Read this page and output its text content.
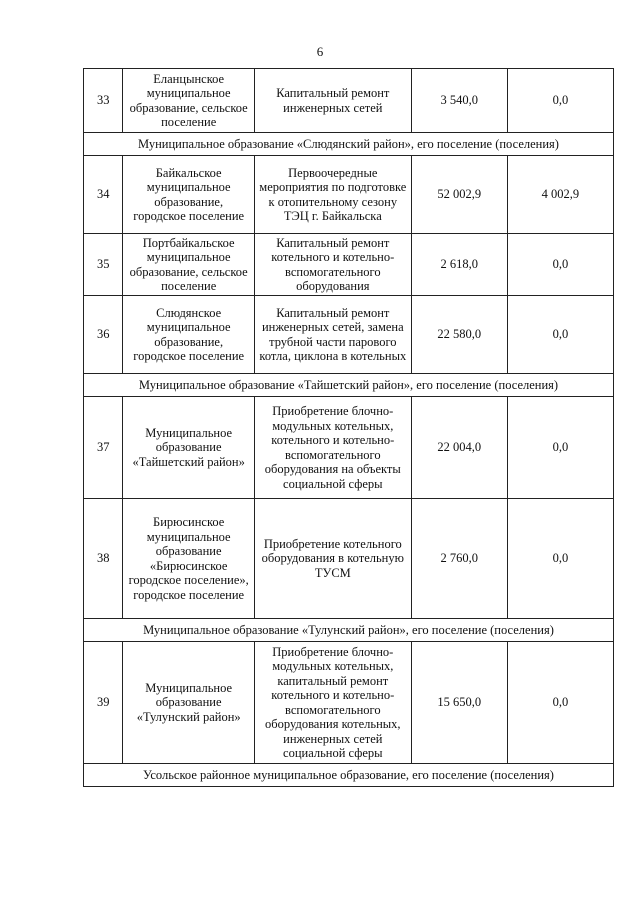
6
33	Еланцынское муниципальное образование, сельское поселение	Капитальный ремонт инженерных сетей	3 540,0	0,0
Муниципальное образование «Слюдянский район», его поселение (поселения)				
34	Байкальское муниципальное образование, городское поселение	Первоочередные мероприятия по подготовке к отопительному сезону ТЭЦ г. Байкальска	52 002,9	4 002,9
35	Портбайкальское муниципальное образование, сельское поселение	Капитальный ремонт котельного и котельно-вспомогательного оборудования	2 618,0	0,0
36	Слюдянское муниципальное образование, городское поселение	Капитальный ремонт инженерных сетей, замена трубной части парового котла, циклона в котельных	22 580,0	0,0
Муниципальное образование «Тайшетский район», его поселение (поселения)				
37	Муниципальное образование «Тайшетский район»	Приобретение блочно-модульных котельных, котельного и котельно-вспомогательного оборудования на объекты социальной сферы	22 004,0	0,0
38	Бирюсинское муниципальное образование «Бирюсинское городское поселение», городское поселение	Приобретение котельного оборудования в котельную ТУСМ	2 760,0	0,0
Муниципальное образование «Тулунский район», его поселение (поселения)				
39	Муниципальное образование «Тулунский район»	Приобретение блочно-модульных котельных, капитальный ремонт котельного и котельно-вспомогательного оборудования котельных, инженерных сетей социальной сферы	15 650,0	0,0
Усольское районное муниципальное образование, его поселение (поселения)				
